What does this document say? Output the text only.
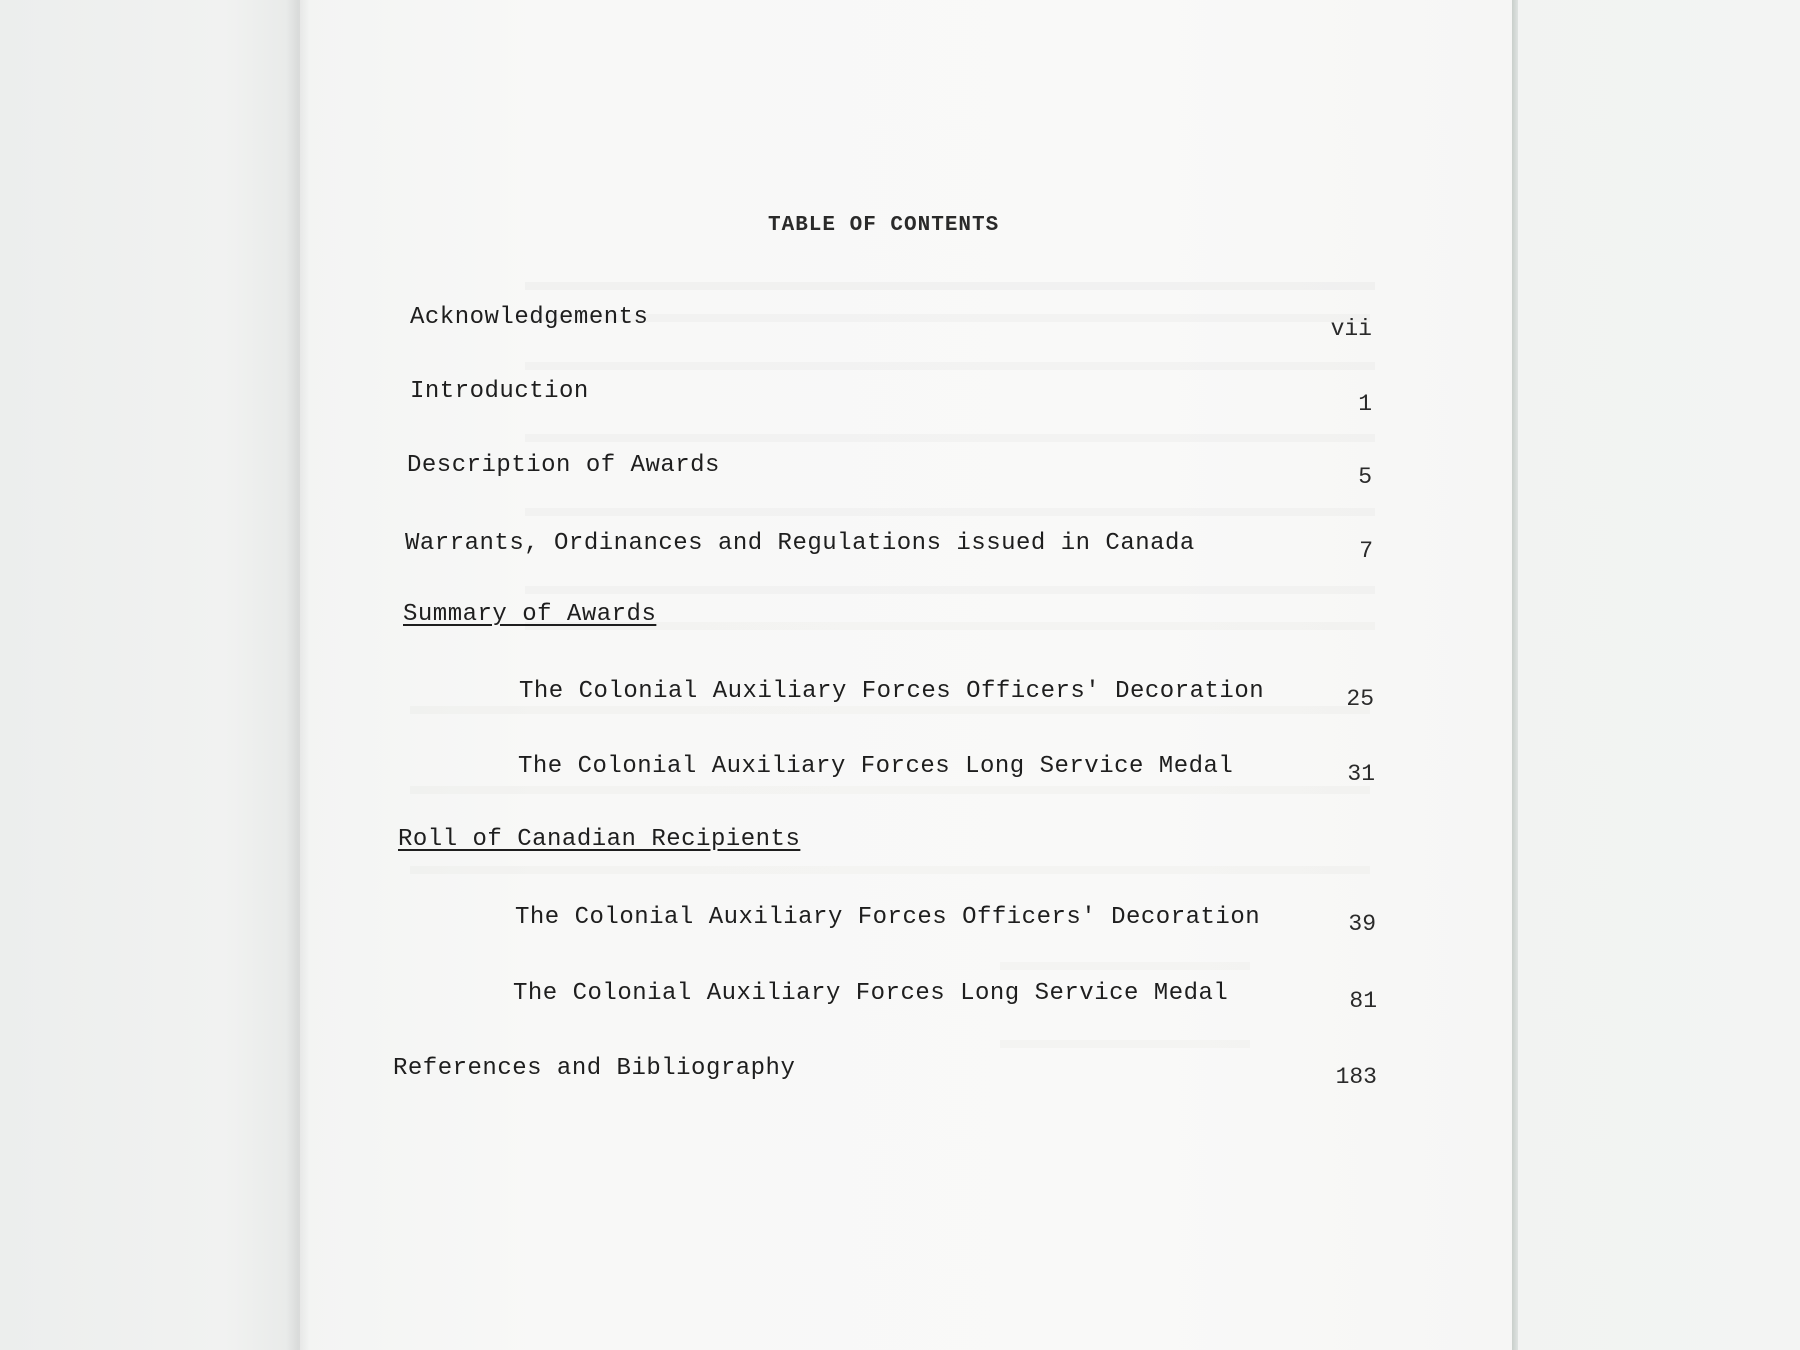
TABLE OF CONTENTS
Acknowledgements	vii
Introduction	1
Description of Awards	5
Warrants, Ordinances and Regulations issued in Canada	7
Summary of Awards
The Colonial Auxiliary Forces Officers' Decoration	25
The Colonial Auxiliary Forces Long Service Medal	31
Roll of Canadian Recipients
The Colonial Auxiliary Forces Officers' Decoration	39
The Colonial Auxiliary Forces Long Service Medal	81
References and Bibliography	183
